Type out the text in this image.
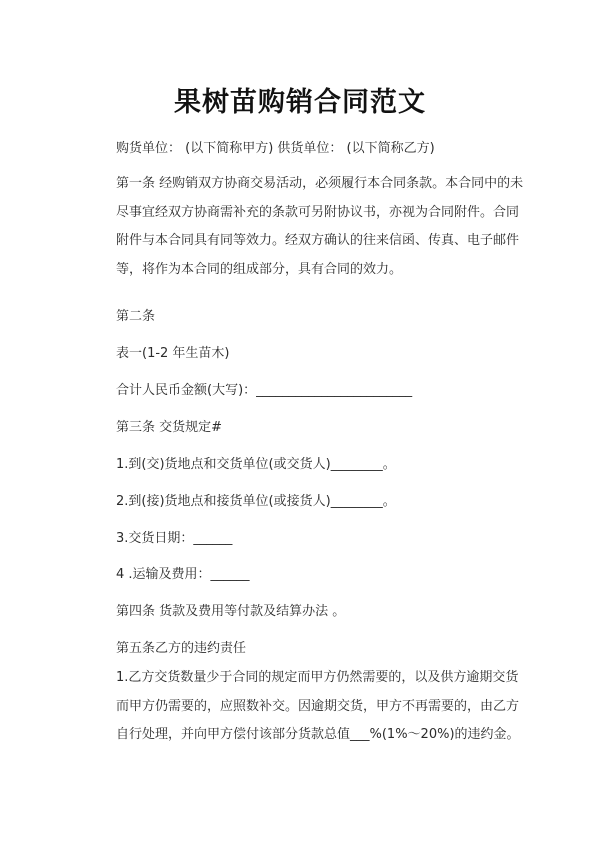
果树苗购销合同范文
购货单位： (以下简称甲方) 供货单位： (以下简称乙方)
第一条 经购销双方协商交易活动，必须履行本合同条款。本合同中的未尽事宜经双方协商需补充的条款可另附协议书，亦视为合同附件。合同附件与本合同具有同等效力。经双方确认的往来信函、传真、电子邮件等，将作为本合同的组成部分，具有合同的效力。
第二条
表一(1-2 年生苗木)
合计人民币金额(大写)：________________________
第三条 交货规定#
1.到(交)货地点和交货单位(或交货人)________。
2.到(接)货地点和接货单位(或接货人)________。
3.交货日期：______
4 .运输及费用：______
第四条 货款及费用等付款及结算办法 。
第五条乙方的违约责任
1.乙方交货数量少于合同的规定而甲方仍然需要的，以及供方逾期交货而甲方仍需要的，应照数补交。因逾期交货，甲方不再需要的，由乙方自行处理，并向甲方偿付该部分货款总值___%(1%～20%)的违约金。
